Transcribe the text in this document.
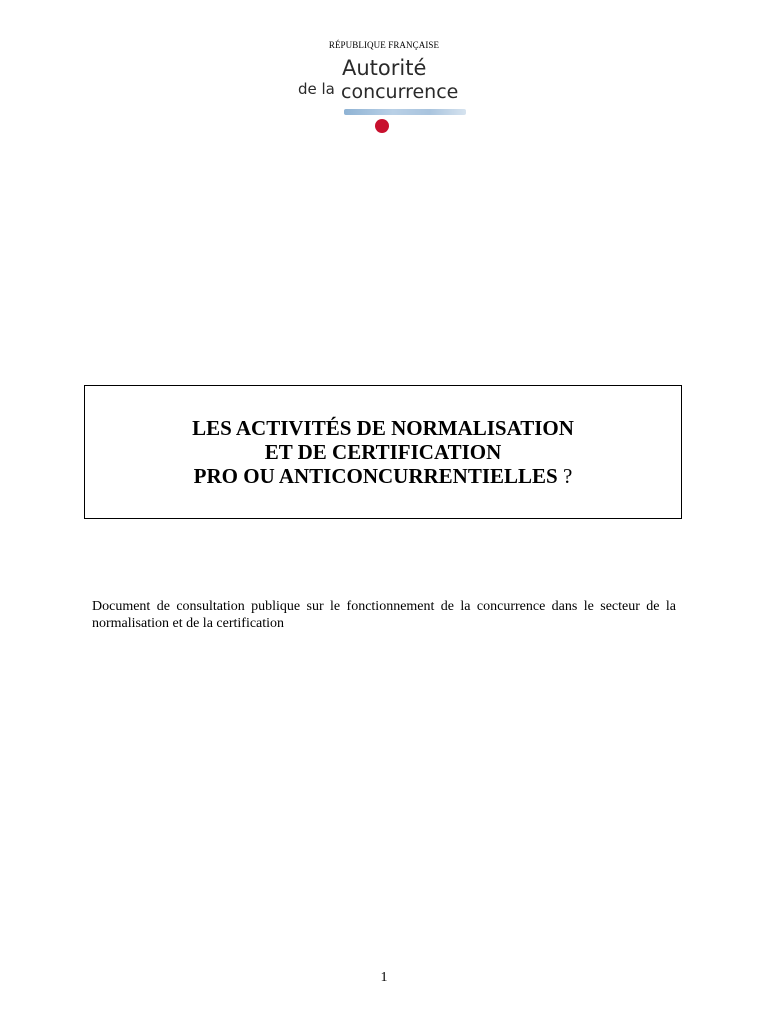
RÉPUBLIQUE FRANÇAISE
Autorité
de la concurrence
LES ACTIVITÉS DE NORMALISATION
ET DE CERTIFICATION
PRO OU ANTICONCURRENTIELLES ?
Document de consultation publique sur le fonctionnement de la concurrence dans le secteur de la normalisation et de la certification
1
